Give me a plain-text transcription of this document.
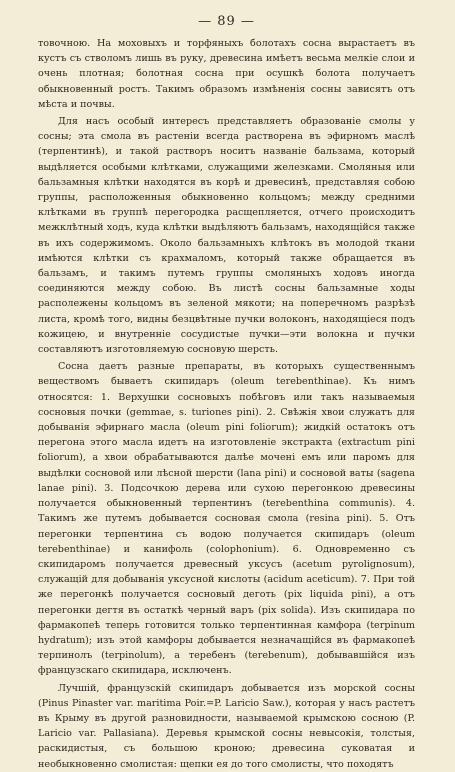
— 89 —

товочною. На моховыхъ и торфяныхъ болотахъ сосна вырастаетъ въ кустъ съ стволомъ лишь въ руку, древесина имѣетъ весьма мелкіе слои и очень плотная; болотная сосна при осушкѣ болота получаетъ обыкновенный ростъ. Такимъ образомъ измѣненія сосны зависятъ отъ мѣста и почвы.

Для насъ особый интересъ представляетъ образованіе смолы у сосны; эта смола въ растеніи всегда растворена въ эфирномъ маслѣ (терпентинѣ), и такой растворъ носитъ названіе бальзама, который выдѣляется особыми клѣтками, служащими железками. Смоляныя или бальзамныя клѣтки находятся въ корѣ и древесинѣ, представляя собою группы, расположенныя обыкновенно кольцомъ; между средними клѣтками въ группѣ перегородка расщепляется, отчего происходитъ межклѣтный ходъ, куда клѣтки выдѣляютъ бальзамъ, находящійся также въ ихъ содержимомъ. Около бальзамныхъ клѣтокъ въ молодой ткани имѣются клѣтки съ крахмаломъ, который также обращается въ бальзамъ, и такимъ путемъ группы смоляныхъ ходовъ иногда соединяются между собою. Въ листѣ сосны бальзамные ходы располежены кольцомъ въ зеленой мякоти; на поперечномъ разрѣзѣ листа, кромѣ того, видны безцвѣтные пучки волоконъ, находящіеся подъ кожицею, и внутренніе сосудистые пучки—эти волокна и пучки составляютъ изготовляемую сосновую шерсть.

Сосна даетъ разные препараты, въ которыхъ существеннымъ веществомъ бываетъ скипидаръ (oleum terebenthinae). Къ нимъ относятся: 1. Верхушки сосновыхъ побѣговъ или такъ называемыя сосновыя почки (gemmae, s. turiones pini). 2. Свѣжія хвои служатъ для добыванія эфирнаго масла (oleum pini foliorum); жидкій остатокъ отъ перегона этого масла идетъ на изготовленіе экстракта (extractum pini foliorum), а хвои обрабатываются далѣе мочені емъ или паромъ для выдѣлки сосновой или лѣсной шерсти (lana pini) и сосновой ваты (sagena lanae pini). 3. Подсочкою дерева или сухою перегонкою древесины получается обыкновенный терпентинъ (terebenthina communis). 4. Такимъ же путемъ добывается сосновая смола (resina pini). 5. Отъ перегонки терпентина съ водою получается скипидаръ (oleum terebenthinae) и канифоль (colophonium). 6. Одновременно съ скипидаромъ получается древесный уксусъ (acetum pyrolignosum), служащій для добыванія уксусной кислоты (acidum aceticum). 7. При той же перегонкѣ получается сосновый деготь (pix liquida pini), а отъ перегонки дегтя въ остаткѣ черный варъ (pix solida). Изъ скипидара по фармакопеѣ теперь готовится только терпентинная камфора (terpinum hydratum); изъ этой камфоры добывается незначащійся въ фармакопеѣ терпинолъ (terpinolum), а теребенъ (terebenum), добывавшійся изъ французскаго скипидара, исключенъ.

Лучшій, французскій скипидаръ добывается изъ морской сосны (Pinus Pinaster var. maritima Poir.=P. Laricio Saw.), которая у насъ растетъ въ Крыму въ другой разновидности, называемой крымскою сосною (P. Laricio var. Pallasiana). Деревья крымской сосны невысокія, толстыя, раскидистыя, съ большою кроною; древесина суковатая и необыкновенно смолистая: щепки ея до того смолисты, что походятъ
